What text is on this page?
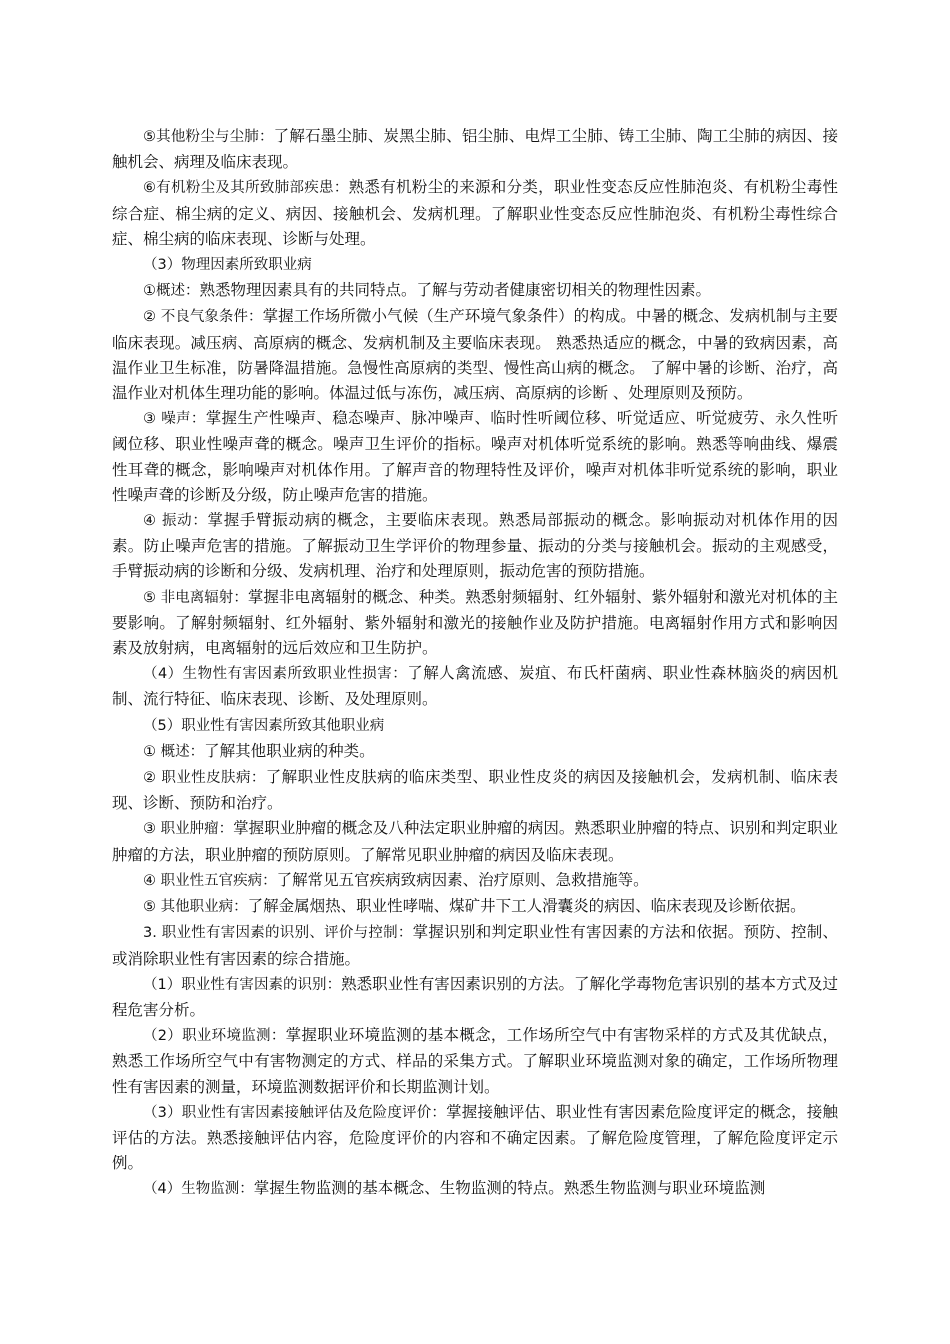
⑤其他粉尘与尘肺：了解石墨尘肺、炭黑尘肺、铝尘肺、电焊工尘肺、铸工尘肺、陶工尘肺的病因、接触机会、病理及临床表现。

⑥有机粉尘及其所致肺部疾患：熟悉有机粉尘的来源和分类，职业性变态反应性肺泡炎、有机粉尘毒性综合症、棉尘病的定义、病因、接触机会、发病机理。了解职业性变态反应性肺泡炎、有机粉尘毒性综合症、棉尘病的临床表现、诊断与处理。

（3）物理因素所致职业病

①概述：熟悉物理因素具有的共同特点。了解与劳动者健康密切相关的物理性因素。

② 不良气象条件：掌握工作场所微小气候（生产环境气象条件）的构成。中暑的概念、发病机制与主要临床表现。减压病、高原病的概念、发病机制及主要临床表现。 熟悉热适应的概念，中暑的致病因素，高温作业卫生标准，防暑降温措施。急慢性高原病的类型、慢性高山病的概念。 了解中暑的诊断、治疗，高温作业对机体生理功能的影响。体温过低与冻伤，减压病、高原病的诊断 、处理原则及预防。

③ 噪声：掌握生产性噪声、稳态噪声、脉冲噪声、临时性听阈位移、听觉适应、听觉疲劳、永久性听阈位移、职业性噪声聋的概念。噪声卫生评价的指标。噪声对机体听觉系统的影响。熟悉等响曲线、爆震性耳聋的概念，影响噪声对机体作用。了解声音的物理特性及评价，噪声对机体非听觉系统的影响，职业性噪声聋的诊断及分级，防止噪声危害的措施。

④ 振动：掌握手臂振动病的概念，主要临床表现。熟悉局部振动的概念。影响振动对机体作用的因素。防止噪声危害的措施。了解振动卫生学评价的物理参量、振动的分类与接触机会。振动的主观感受，手臂振动病的诊断和分级、发病机理、治疗和处理原则，振动危害的预防措施。

⑤ 非电离辐射：掌握非电离辐射的概念、种类。熟悉射频辐射、红外辐射、紫外辐射和激光对机体的主要影响。了解射频辐射、红外辐射、紫外辐射和激光的接触作业及防护措施。电离辐射作用方式和影响因素及放射病，电离辐射的远后效应和卫生防护。

（4）生物性有害因素所致职业性损害：了解人禽流感、炭疽、布氏杆菌病、职业性森林脑炎的病因机制、流行特征、临床表现、诊断、及处理原则。

（5）职业性有害因素所致其他职业病

① 概述：了解其他职业病的种类。

② 职业性皮肤病：了解职业性皮肤病的临床类型、职业性皮炎的病因及接触机会，发病机制、临床表现、诊断、预防和治疗。

③ 职业肿瘤：掌握职业肿瘤的概念及八种法定职业肿瘤的病因。熟悉职业肿瘤的特点、识别和判定职业肿瘤的方法，职业肿瘤的预防原则。了解常见职业肿瘤的病因及临床表现。

④ 职业性五官疾病：了解常见五官疾病致病因素、治疗原则、急救措施等。

⑤ 其他职业病：了解金属烟热、职业性哮喘、煤矿井下工人滑囊炎的病因、临床表现及诊断依据。

3. 职业性有害因素的识别、评价与控制：掌握识别和判定职业性有害因素的方法和依据。预防、控制、或消除职业性有害因素的综合措施。

（1）职业性有害因素的识别：熟悉职业性有害因素识别的方法。了解化学毒物危害识别的基本方式及过程危害分析。

（2）职业环境监测：掌握职业环境监测的基本概念，工作场所空气中有害物采样的方式及其优缺点，熟悉工作场所空气中有害物测定的方式、样品的采集方式。了解职业环境监测对象的确定，工作场所物理性有害因素的测量，环境监测数据评价和长期监测计划。

（3）职业性有害因素接触评估及危险度评价：掌握接触评估、职业性有害因素危险度评定的概念，接触评估的方法。熟悉接触评估内容，危险度评价的内容和不确定因素。了解危险度管理，了解危险度评定示例。

（4）生物监测：掌握生物监测的基本概念、生物监测的特点。熟悉生物监测与职业环境监测
